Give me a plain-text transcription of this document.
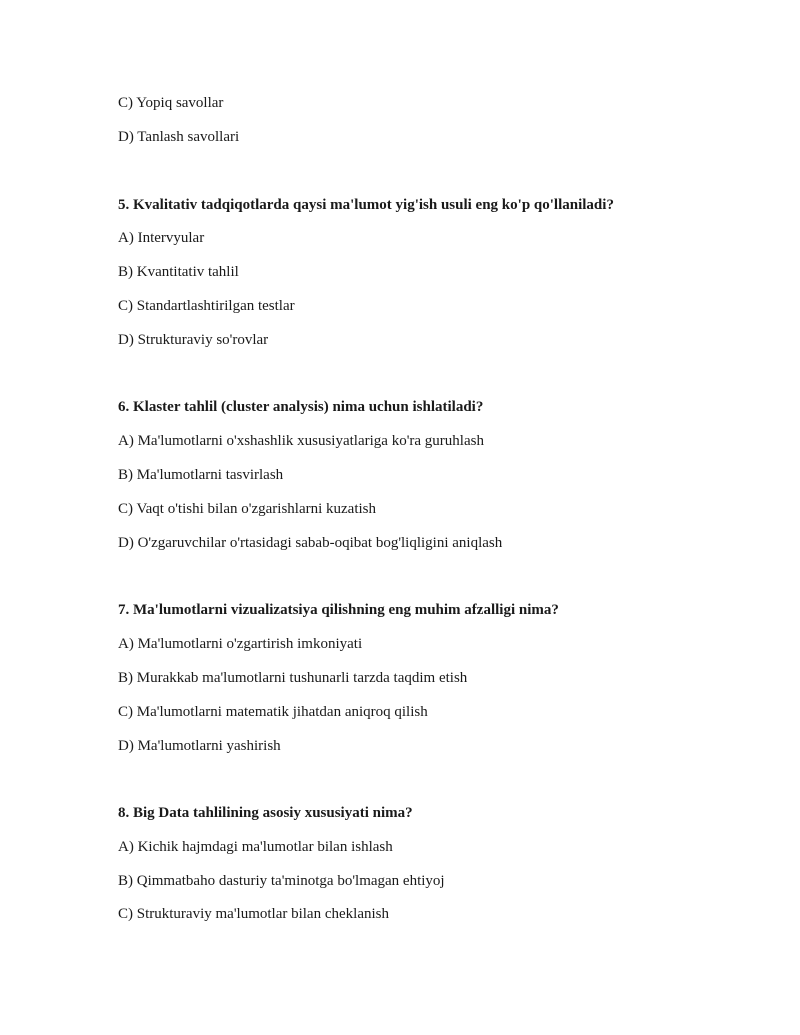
C) Yopiq savollar
D) Tanlash savollari
5. Kvalitativ tadqiqotlarda qaysi ma'lumot yig'ish usuli eng ko'p qo'llaniladi?
A) Intervyular
B) Kvantitativ tahlil
C) Standartlashtirilgan testlar
D) Strukturaviy so'rovlar
6. Klaster tahlil (cluster analysis) nima uchun ishlatiladi?
A) Ma'lumotlarni o'xshashlik xususiyatlariga ko'ra guruhlash
B) Ma'lumotlarni tasvirlash
C) Vaqt o'tishi bilan o'zgarishlarni kuzatish
D) O'zgaruvchilar o'rtasidagi sabab-oqibat bog'liqligini aniqlash
7. Ma'lumotlarni vizualizatsiya qilishning eng muhim afzalligi nima?
A) Ma'lumotlarni o'zgartirish imkoniyati
B) Murakkab ma'lumotlarni tushunarli tarzda taqdim etish
C) Ma'lumotlarni matematik jihatdan aniqroq qilish
D) Ma'lumotlarni yashirish
8. Big Data tahlilining asosiy xususiyati nima?
A) Kichik hajmdagi ma'lumotlar bilan ishlash
B) Qimmatbaho dasturiy ta'minotga bo'lmagan ehtiyoj
C) Strukturaviy ma'lumotlar bilan cheklanish
